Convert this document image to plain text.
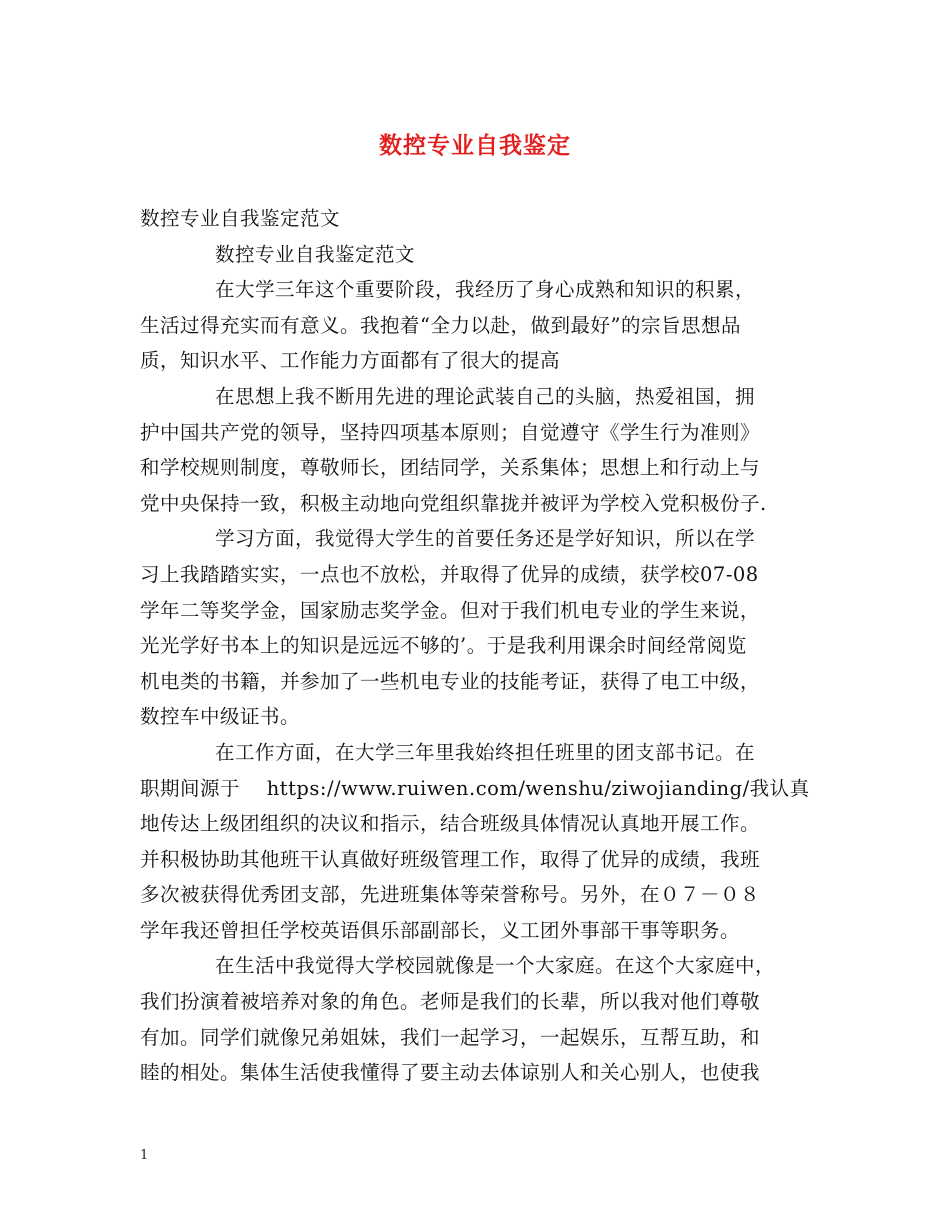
数控专业自我鉴定
数控专业自我鉴定范文
数控专业自我鉴定范文
在大学三年这个重要阶段，我经历了身心成熟和知识的积累，
生活过得充实而有意义。我抱着“全力以赴，做到最好”的宗旨思想品
质，知识水平、工作能力方面都有了很大的提高
在思想上我不断用先进的理论武装自己的头脑，热爱祖国，拥
护中国共产党的领导，坚持四项基本原则；自觉遵守《学生行为准则》
和学校规则制度，尊敬师长，团结同学，关系集体；思想上和行动上与
党中央保持一致，积极主动地向党组织靠拢并被评为学校入党积极份子.
学习方面，我觉得大学生的首要任务还是学好知识，所以在学
习上我踏踏实实，一点也不放松，并取得了优异的成绩，获学校07-08
学年二等奖学金，国家励志奖学金。但对于我们机电专业的学生来说，
光光学好书本上的知识是远远不够的’。于是我利用课余时间经常阅览
机电类的书籍，并参加了一些机电专业的技能考证，获得了电工中级，
数控车中级证书。
在工作方面，在大学三年里我始终担任班里的团支部书记。在
职期间源于　 https://www.ruiwen.com/wenshu/ziwojianding/我认真
地传达上级团组织的决议和指示，结合班级具体情况认真地开展工作。
并积极协助其他班干认真做好班级管理工作，取得了优异的成绩，我班
多次被获得优秀团支部，先进班集体等荣誉称号。另外，在０７－０８
学年我还曾担任学校英语俱乐部副部长，义工团外事部干事等职务。
在生活中我觉得大学校园就像是一个大家庭。在这个大家庭中，
我们扮演着被培养对象的角色。老师是我们的长辈，所以我对他们尊敬
有加。同学们就像兄弟姐妹，我们一起学习，一起娱乐，互帮互助，和
睦的相处。集体生活使我懂得了要主动去体谅别人和关心别人，也使我
1
